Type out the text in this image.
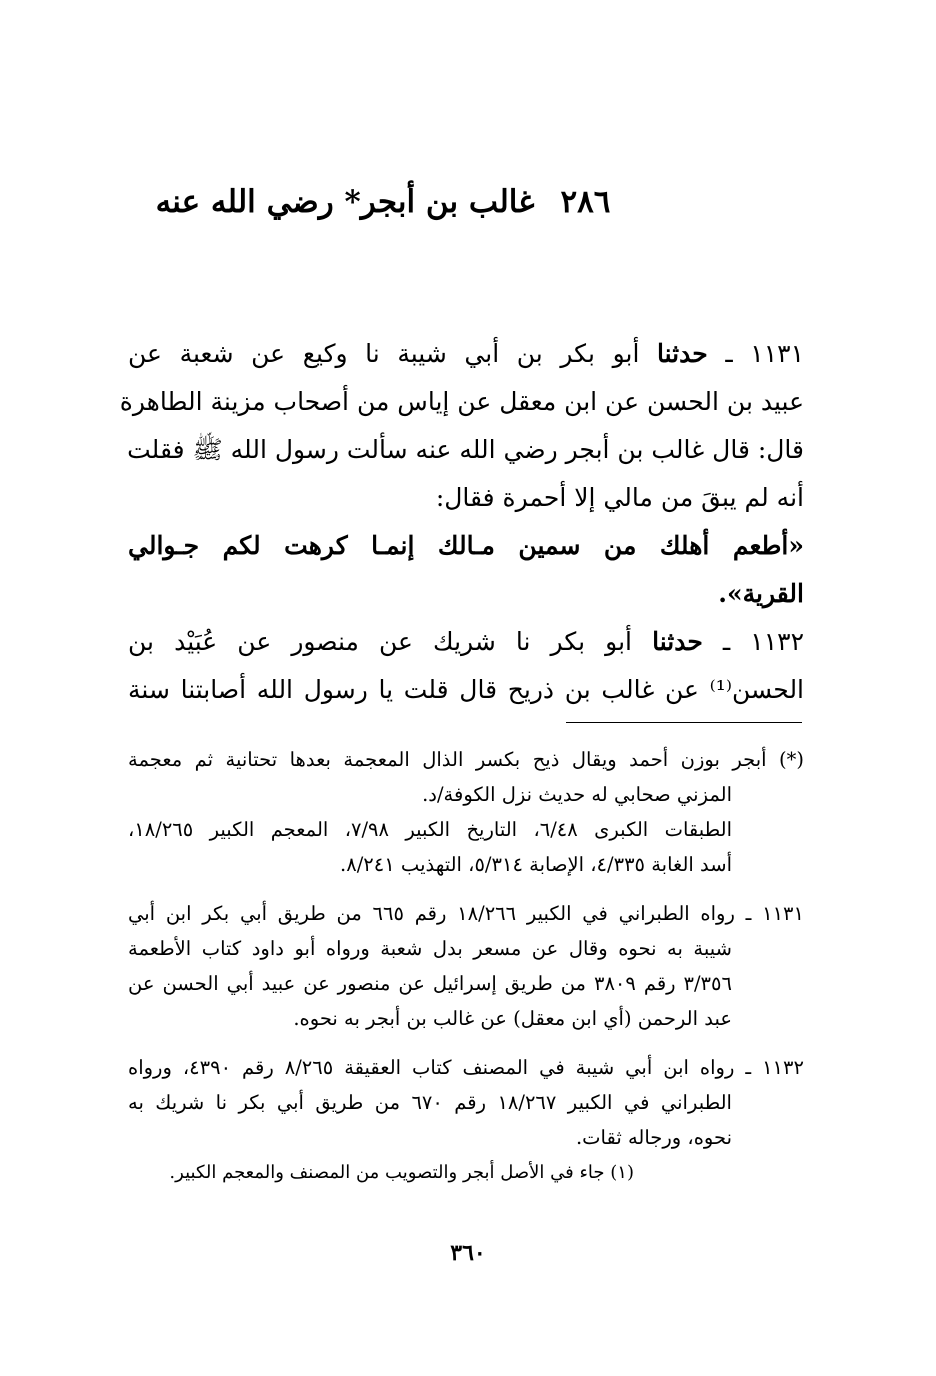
٢٨٦غالب بن أبجر* رضي الله عنه
١١٣١ ـ حدثنا أبو بكر بن أبي شيبة نا وكيع عن شعبة عن
عبيد بن الحسن عن ابن معقل عن إياس من أصحاب مزينة الطاهرة
قال: قال غالب بن أبجر رضي الله عنه سألت رسول الله ﷺ فقلت
أنه لم يبقَ من مالي إلا أحمرة فقال:
«أطعم أهلك من سمين مـالك إنمـا كرهت لكم جـوالي
القرية».
١١٣٢ ـ حدثنا أبو بكر نا شريك عن منصور عن عُبَيْد بن
الحسن⁽¹⁾ عن غالب بن ذريح قال قلت يا رسول الله أصابتنا سنة
(*) أبجر بوزن أحمد ويقال ذيح بكسر الذال المعجمة بعدها تحتانية ثم معجمة
المزني صحابي له حديث نزل الكوفة/د.
الطبقات الكبرى ٦/٤٨، التاريخ الكبير ٧/٩٨، المعجم الكبير ١٨/٢٦٥،
أسد الغابة ٤/٣٣٥، الإصابة ٥/٣١٤، التهذيب ٨/٢٤١.
١١٣١ ـ رواه الطبراني في الكبير ١٨/٢٦٦ رقم ٦٦٥ من طريق أبي بكر ابن أبي
شيبة به نحوه وقال عن مسعر بدل شعبة ورواه أبو داود كتاب الأطعمة
٣/٣٥٦ رقم ٣٨٠٩ من طريق إسرائيل عن منصور عن عبيد أبي الحسن عن
عبد الرحمن (أي ابن معقل) عن غالب بن أبجر به نحوه.
١١٣٢ ـ رواه ابن أبي شيبة في المصنف كتاب العقيقة ٨/٢٦٥ رقم ٤٣٩٠، ورواه
الطبراني في الكبير ١٨/٢٦٧ رقم ٦٧٠ من طريق أبي بكر نا شريك به
نحوه، ورجاله ثقات.
(١) جاء في الأصل أبجر والتصويب من المصنف والمعجم الكبير.
٣٦٠
